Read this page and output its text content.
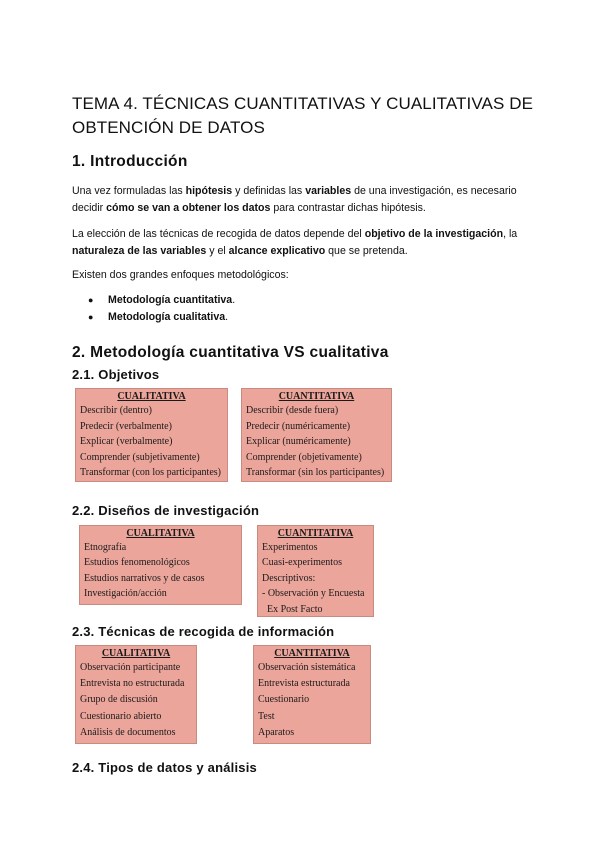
TEMA 4. TÉCNICAS CUANTITATIVAS Y CUALITATIVAS DE OBTENCIÓN DE DATOS
1. Introducción

Una vez formuladas las hipótesis y definidas las variables de una investigación, es necesario decidir cómo se van a obtener los datos para contrastar dichas hipótesis.

La elección de las técnicas de recogida de datos depende del objetivo de la investigación, la naturaleza de las variables y el alcance explicativo que se pretenda.

Existen dos grandes enfoques metodológicos:

● Metodología cuantitativa.
● Metodología cualitativa.
2. Metodología cuantitativa VS cualitativa
2.1. Objetivos
CUALITATIVA
Describir (dentro)
Predecir (verbalmente)
Explicar (verbalmente)
Comprender (subjetivamente)
Transformar (con los participantes)
CUANTITATIVA
Describir (desde fuera)
Predecir (numéricamente)
Explicar (numéricamente)
Comprender (objetivamente)
Transformar (sin los participantes)
2.2. Diseños de investigación
CUALITATIVA
Etnografía
Estudios fenomenológicos
Estudios narrativos y de casos
Investigación/acción
CUANTITATIVA
Experimentos
Cuasi-experimentos
Descriptivos:
- Observación y Encuesta
Ex Post Facto
2.3. Técnicas de recogida de información
CUALITATIVA
Observación participante
Entrevista no estructurada
Grupo de discusión
Cuestionario abierto
Análisis de documentos
CUANTITATIVA
Observación sistemática
Entrevista estructurada
Cuestionario
Test
Aparatos
2.4. Tipos de datos y análisis
